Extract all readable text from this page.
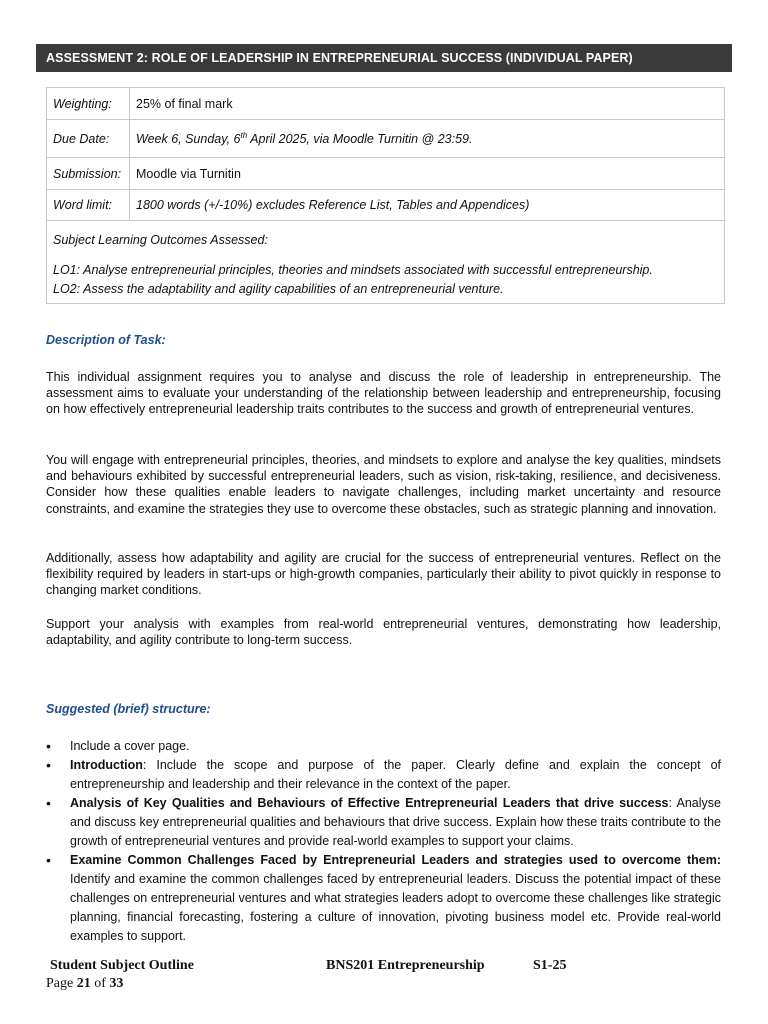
ASSESSMENT 2: ROLE OF LEADERSHIP IN ENTREPRENEURIAL SUCCESS (INDIVIDUAL PAPER)
Weighting:	25% of final mark
Due Date:	Week 6, Sunday, 6th April 2025, via Moodle Turnitin @ 23:59.
Submission:	Moodle via Turnitin
Word limit:	1800 words (+/-10%) excludes Reference List, Tables and Appendices)

Subject Learning Outcomes Assessed:
LO1: Analyse entrepreneurial principles, theories and mindsets associated with successful entrepreneurship.
LO2: Assess the adaptability and agility capabilities of an entrepreneurial venture.	
Description of Task:
This individual assignment requires you to analyse and discuss the role of leadership in entrepreneurship. The assessment aims to evaluate your understanding of the relationship between leadership and entrepreneurship, focusing on how effectively entrepreneurial leadership traits contributes to the success and growth of entrepreneurial ventures.
You will engage with entrepreneurial principles, theories, and mindsets to explore and analyse the key qualities, mindsets and behaviours exhibited by successful entrepreneurial leaders, such as vision, risk-taking, resilience, and decisiveness. Consider how these qualities enable leaders to navigate challenges, including market uncertainty and resource constraints, and examine the strategies they use to overcome these obstacles, such as strategic planning and innovation.
Additionally, assess how adaptability and agility are crucial for the success of entrepreneurial ventures. Reflect on the flexibility required by leaders in start-ups or high-growth companies, particularly their ability to pivot quickly in response to changing market conditions.
Support your analysis with examples from real-world entrepreneurial ventures, demonstrating how leadership, adaptability, and agility contribute to long-term success.
Suggested (brief) structure:
• Include a cover page.
• Introduction: Include the scope and purpose of the paper. Clearly define and explain the concept of entrepreneurship and leadership and their relevance in the context of the paper.
• Analysis of Key Qualities and Behaviours of Effective Entrepreneurial Leaders that drive success: Analyse and discuss key entrepreneurial qualities and behaviours that drive success. Explain how these traits contribute to the growth of entrepreneurial ventures and provide real-world examples to support your claims.
• Examine Common Challenges Faced by Entrepreneurial Leaders and strategies used to overcome them: Identify and examine the common challenges faced by entrepreneurial leaders. Discuss the potential impact of these challenges on entrepreneurial ventures and what strategies leaders adopt to overcome these challenges like strategic planning, financial forecasting, fostering a culture of innovation, pivoting business model etc. Provide real-world examples to support.
Student Subject Outline	BNS201 Entrepreneurship	S1-25
Page 21 of 33
